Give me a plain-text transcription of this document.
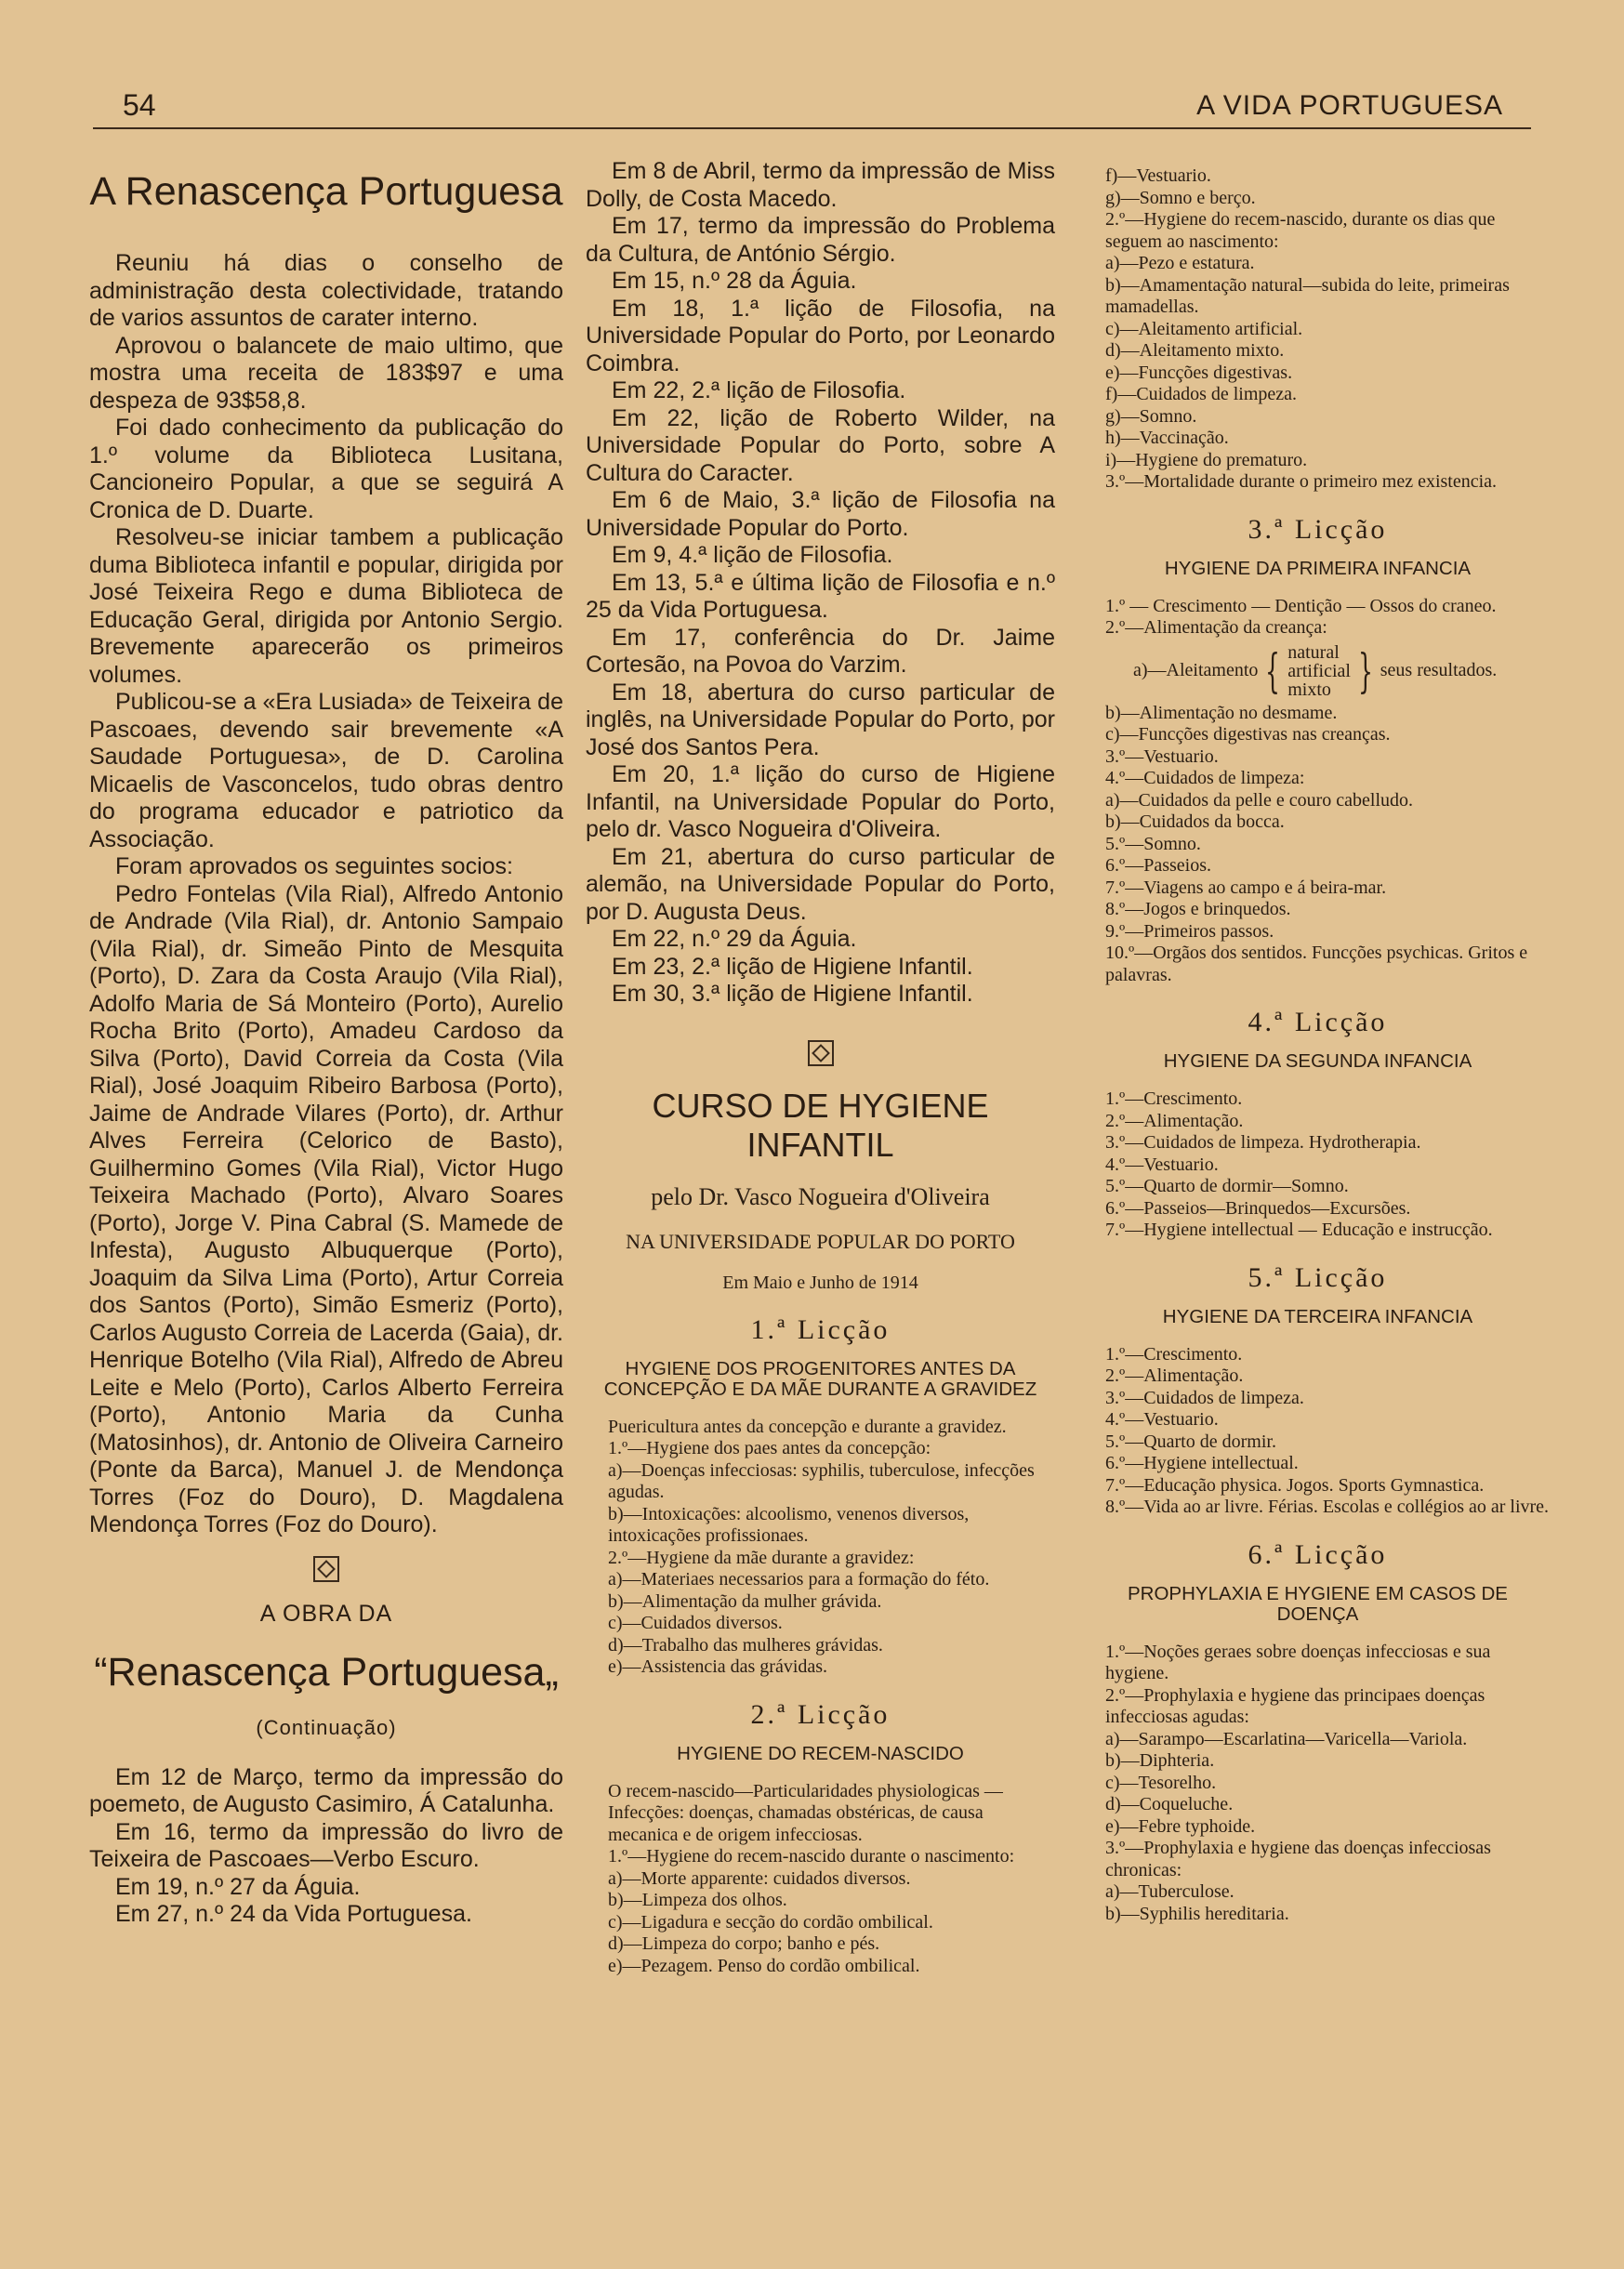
54	A VIDA PORTUGUESA
A Renascença Portuguesa

Reuniu há dias o conselho de administração desta colectividade, tratando de varios assuntos de carater interno.

Aprovou o balancete de maio ultimo, que mostra uma receita de 183$97 e uma despeza de 93$58,8.

Foi dado conhecimento da publicação do 1.º volume da Biblioteca Lusitana, Cancioneiro Popular, a que se seguirá A Cronica de D. Duarte.

Resolveu-se iniciar tambem a publicação duma Biblioteca infantil e popular, dirigida por José Teixeira Rego e duma Biblioteca de Educação Geral, dirigida por Antonio Sergio. Brevemente aparecerão os primeiros volumes.

Publicou-se a «Era Lusiada» de Teixeira de Pascoaes, devendo sair brevemente «A Saudade Portuguesa», de D. Carolina Micaelis de Vasconcelos, tudo obras dentro do programa educador e patriotico da Associação.

Foram aprovados os seguintes socios:

Pedro Fontelas (Vila Rial), Alfredo Antonio de Andrade (Vila Rial), dr. Antonio Sampaio (Vila Rial), dr. Simeão Pinto de Mesquita (Porto), D. Zara da Costa Araujo (Vila Rial), Adolfo Maria de Sá Monteiro (Porto), Aurelio Rocha Brito (Porto), Amadeu Cardoso da Silva (Porto), David Correia da Costa (Vila Rial), José Joaquim Ribeiro Barbosa (Porto), Jaime de Andrade Vilares (Porto), dr. Arthur Alves Ferreira (Celorico de Basto), Guilhermino Gomes (Vila Rial), Victor Hugo Teixeira Machado (Porto), Alvaro Soares (Porto), Jorge V. Pina Cabral (S. Mamede de Infesta), Augusto Albuquerque (Porto), Joaquim da Silva Lima (Porto), Artur Correia dos Santos (Porto), Simão Esmeriz (Porto), Carlos Augusto Correia de Lacerda (Gaia), dr. Henrique Botelho (Vila Rial), Alfredo de Abreu Leite e Melo (Porto), Carlos Alberto Ferreira (Porto), Antonio Maria da Cunha (Matosinhos), dr. Antonio de Oliveira Carneiro (Ponte da Barca), Manuel J. de Mendonça Torres (Foz do Douro), D. Magdalena Mendonça Torres (Foz do Douro).

A OBRA DA
“Renascença Portuguesa„
(Continuação)

Em 12 de Março, termo da impressão do poemeto, de Augusto Casimiro, Á Catalunha.

Em 16, termo da impressão do livro de Teixeira de Pascoaes—Verbo Escuro.

Em 19, n.º 27 da Águia.

Em 27, n.º 24 da Vida Portuguesa.

Em 8 de Abril, termo da impressão de Miss Dolly, de Costa Macedo.

Em 17, termo da impressão do Problema da Cultura, de António Sérgio.

Em 15, n.º 28 da Águia.

Em 18, 1.ª lição de Filosofia, na Universidade Popular do Porto, por Leonardo Coimbra.

Em 22, 2.ª lição de Filosofia.

Em 22, lição de Roberto Wilder, na Universidade Popular do Porto, sobre A Cultura do Caracter.

Em 6 de Maio, 3.ª lição de Filosofia na Universidade Popular do Porto.

Em 9, 4.ª lição de Filosofia.

Em 13, 5.ª e última lição de Filosofia e n.º 25 da Vida Portuguesa.

Em 17, conferência do Dr. Jaime Cortesão, na Povoa do Varzim.

Em 18, abertura do curso particular de inglês, na Universidade Popular do Porto, por José dos Santos Pera.

Em 20, 1.ª lição do curso de Higiene Infantil, na Universidade Popular do Porto, pelo dr. Vasco Nogueira d'Oliveira.

Em 21, abertura do curso particular de alemão, na Universidade Popular do Porto, por D. Augusta Deus.

Em 22, n.º 29 da Águia.

Em 23, 2.ª lição de Higiene Infantil.

Em 30, 3.ª lição de Higiene Infantil.

CURSO DE HYGIENE INFANTIL
pelo Dr. Vasco Nogueira d'Oliveira
NA UNIVERSIDADE POPULAR DO PORTO
Em Maio e Junho de 1914
1.ª Licção
HYGIENE DOS PROGENITORES ANTES DA CONCEPÇÃO E DA MÃE DURANTE A GRAVIDEZ

Puericultura antes da concepção e durante a gravidez.

1.º—Hygiene dos paes antes da concepção:

a)—Doenças infecciosas: syphilis, tuberculose, infecções agudas.

b)—Intoxicações: alcoolismo, venenos diversos, intoxicações profissionaes.

2.º—Hygiene da mãe durante a gravidez:

a)—Materiaes necessarios para a formação do féto.

b)—Alimentação da mulher grávida.

c)—Cuidados diversos.

d)—Trabalho das mulheres grávidas.

e)—Assistencia das grávidas.

2.ª Licção
HYGIENE DO RECEM-NASCIDO

O recem-nascido—Particularidades physiologicas — Infecções: doenças, chamadas obstéricas, de causa mecanica e de origem infecciosas.

1.º—Hygiene do recem-nascido durante o nascimento:

a)—Morte apparente: cuidados diversos.

b)—Limpeza dos olhos.

c)—Ligadura e secção do cordão ombilical.

d)—Limpeza do corpo; banho e pés.

e)—Pezagem. Penso do cordão ombilical.

f)—Vestuario.

g)—Somno e berço.

2.º—Hygiene do recem-nascido, durante os dias que seguem ao nascimento:

a)—Pezo e estatura.

b)—Amamentação natural—subida do leite, primeiras mamadellas.

c)—Aleitamento artificial.

d)—Aleitamento mixto.

e)—Funcções digestivas.

f)—Cuidados de limpeza.

g)—Somno.

h)—Vaccinação.

i)—Hygiene do prematuro.

3.º—Mortalidade durante o primeiro mez existencia.

3.ª Licção
HYGIENE DA PRIMEIRA INFANCIA

1.º — Crescimento — Dentição — Ossos do craneo.

2.º—Alimentação da creança:

a)—Aleitamento { natural
artificial
mixto } seus resultados.

b)—Alimentação no desmame.

c)—Funcções digestivas nas creanças.

3.º—Vestuario.

4.º—Cuidados de limpeza:

a)—Cuidados da pelle e couro cabelludo.

b)—Cuidados da bocca.

5.º—Somno.

6.º—Passeios.

7.º—Viagens ao campo e á beira-mar.

8.º—Jogos e brinquedos.

9.º—Primeiros passos.

10.º—Orgãos dos sentidos. Funcções psychicas. Gritos e palavras.

4.ª Licção
HYGIENE DA SEGUNDA INFANCIA

1.º—Crescimento.

2.º—Alimentação.

3.º—Cuidados de limpeza. Hydrotherapia.

4.º—Vestuario.

5.º—Quarto de dormir—Somno.

6.º—Passeios—Brinquedos—Excursões.

7.º—Hygiene intellectual — Educação e instrucção.

5.ª Licção
HYGIENE DA TERCEIRA INFANCIA

1.º—Crescimento.

2.º—Alimentação.

3.º—Cuidados de limpeza.

4.º—Vestuario.

5.º—Quarto de dormir.

6.º—Hygiene intellectual.

7.º—Educação physica. Jogos. Sports Gymnastica.

8.º—Vida ao ar livre. Férias. Escolas e collégios ao ar livre.

6.ª Licção
PROPHYLAXIA E HYGIENE EM CASOS DE DOENÇA

1.º—Noções geraes sobre doenças infecciosas e sua hygiene.

2.º—Prophylaxia e hygiene das principaes doenças infecciosas agudas:

a)—Sarampo—Escarlatina—Varicella—Variola.

b)—Diphteria.

c)—Tesorelho.

d)—Coqueluche.

e)—Febre typhoide.

3.º—Prophylaxia e hygiene das doenças infecciosas chronicas:

a)—Tuberculose.

b)—Syphilis hereditaria.
